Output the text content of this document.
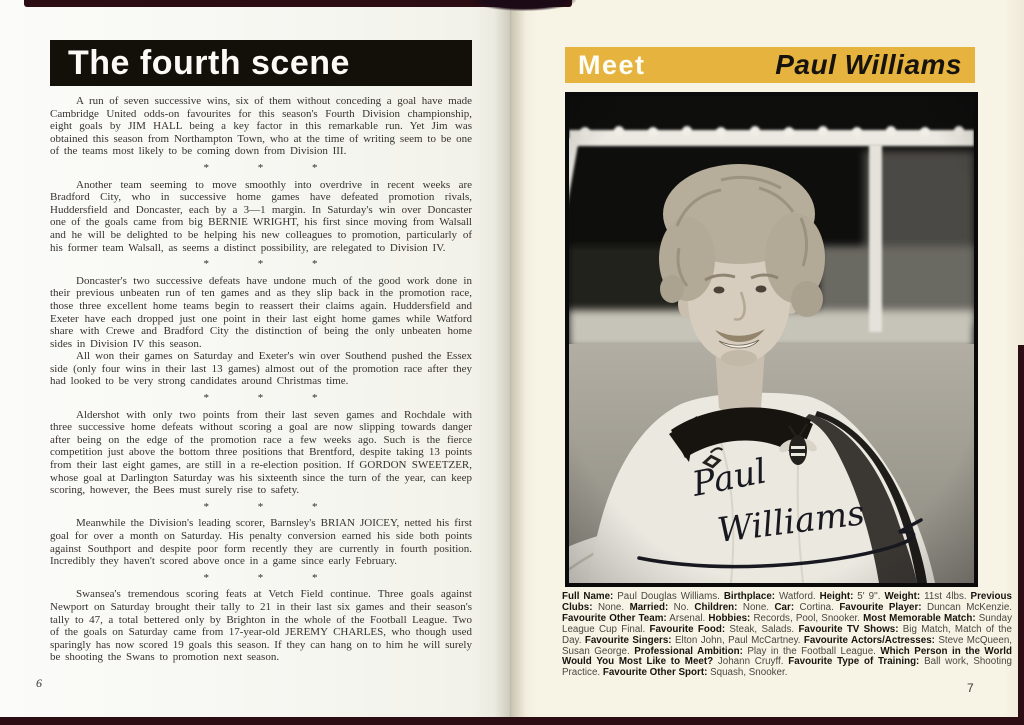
The fourth scene

A run of seven successive wins, six of them without conceding a goal have made Cambridge United odds-on favourites for this season's Fourth Division championship, eight goals by JIM HALL being a key factor in this remarkable run. Yet Jim was obtained this season from Northampton Town, who at the time of writing seem to be one of the teams most likely to be coming down from Division III.

* * *

Another team seeming to move smoothly into overdrive in recent weeks are Bradford City, who in successive home games have defeated promotion rivals, Huddersfield and Doncaster, each by a 3—1 margin. In Saturday's win over Doncaster one of the goals came from big BERNIE WRIGHT, his first since moving from Walsall and he will be delighted to be helping his new colleagues to promotion, particularly of his former team Walsall, as seems a distinct possibility, are relegated to Division IV.

* * *

Doncaster's two successive defeats have undone much of the good work done in their previous unbeaten run of ten games and as they slip back in the promotion race, those three excellent home teams begin to reassert their claims again. Huddersfield and Exeter have each dropped just one point in their last eight home games while Watford share with Crewe and Bradford City the distinction of being the only unbeaten home sides in Division IV this season.

All won their games on Saturday and Exeter's win over Southend pushed the Essex side (only four wins in their last 13 games) almost out of the promotion race after they had looked to be very strong candidates around Christmas time.

* * *

Aldershot with only two points from their last seven games and Rochdale with three successive home defeats without scoring a goal are now slipping towards danger after being on the edge of the promotion race a few weeks ago. Such is the fierce competition just above the bottom three positions that Brentford, despite taking 13 points from their last eight games, are still in a re-election position. If GORDON SWEETZER, whose goal at Darlington Saturday was his sixteenth since the turn of the year, can keep scoring, however, the Bees must surely rise to safety.

* * *

Meanwhile the Division's leading scorer, Barnsley's BRIAN JOICEY, netted his first goal for over a month on Saturday. His penalty conversion earned his side both points against Southport and despite poor form recently they are currently in fourth position. Incredibly they haven't scored above once in a game since early February.

* * *

Swansea's tremendous scoring feats at Vetch Field continue. Three goals against Newport on Saturday brought their tally to 21 in their last six games and their season's tally to 47, a total bettered only by Brighton in the whole of the Football League. Two of the goals on Saturday came from 17-year-old JEREMY CHARLES, who though used sparingly has now scored 19 goals this season. If they can hang on to him he will surely be shooting the Swans to promotion next season.

6
Meet	Paul Williams
Full Name: Paul Douglas Williams. Birthplace: Watford. Height: 5' 9''. Weight: 11st 4lbs. Previous Clubs: None. Married: No. Children: None. Car: Cortina. Favourite Player: Duncan McKenzie. Favourite Other Team: Arsenal. Hobbies: Records, Pool, Snooker. Most Memorable Match: Sunday League Cup Final. Favourite Food: Steak, Salads. Favourite TV Shows: Big Match, Match of the Day. Favourite Singers: Elton John, Paul McCartney. Favourite Actors/Actresses: Steve McQueen, Susan George. Professional Ambition: Play in the Football League. Which Person in the World Would You Most Like to Meet? Johann Cruyff. Favourite Type of Training: Ball work, Shooting Practice. Favourite Other Sport: Squash, Snooker.
7
